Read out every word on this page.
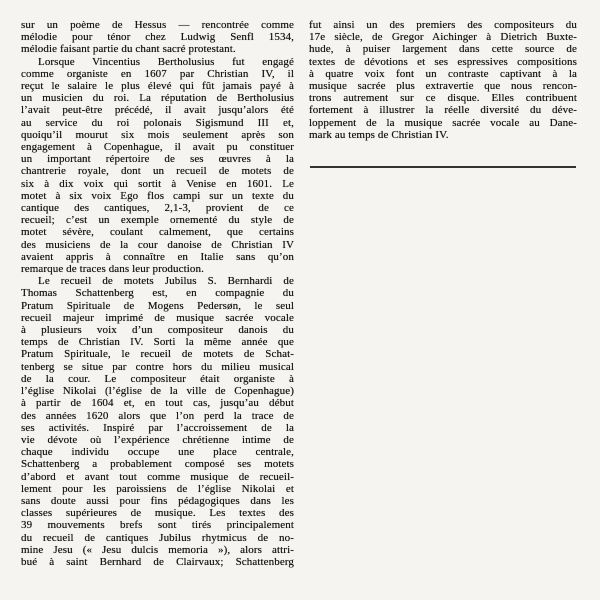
sur un poème de Hessus — rencontrée comme
mélodie pour ténor chez Ludwig Senfl 1534,
mélodie faisant partie du chant sacré protestant.
Lorsque Vincentius Bertholusius fut engagé
comme organiste en 1607 par Christian IV, il
reçut le salaire le plus élevé qui fût jamais payé à
un musicien du roi. La réputation de Bertholusius
l’avait peut-être précédé, il avait jusqu’alors été
au service du roi polonais Sigismund III et,
quoiqu’il mourut six mois seulement après son
engagement à Copenhague, il avait pu constituer
un important répertoire de ses œuvres à la
chantrerie royale, dont un recueil de motets de
six à dix voix qui sortit à Venise en 1601. Le
motet à six voix Ego flos campi sur un texte du
cantique des cantiques, 2,1-3, provient de ce
recueil; c’est un exemple ornementé du style de
motet sévère, coulant calmement, que certains
des musiciens de la cour danoise de Christian IV
avaient appris à connaître en Italie sans qu’on
remarque de traces dans leur production.
Le recueil de motets Jubilus S. Bernhardi de
Thomas Schattenberg est, en compagnie du
Pratum Spirituale de Mogens Pedersøn, le seul
recueil majeur imprimé de musique sacrée vocale
à plusieurs voix d’un compositeur danois du
temps de Christian IV. Sorti la même année que
Pratum Spirituale, le recueil de motets de Schat-
tenberg se situe par contre hors du milieu musical
de la cour. Le compositeur était organiste à
l’église Nikolai (l’église de la ville de Copenhague)
à partir de 1604 et, en tout cas, jusqu’au début
des années 1620 alors que l’on perd la trace de
ses activités. Inspiré par l’accroissement de la
vie dévote où l’expérience chrétienne intime de
chaque individu occupe une place centrale,
Schattenberg a probablement composé ses motets
d’abord et avant tout comme musique de recueil-
lement pour les paroissiens de l’église Nikolai et
sans doute aussi pour fins pédagogiques dans les
classes supérieures de musique. Les textes des
39 mouvements brefs sont tirés principalement
du recueil de cantiques Jubilus rhytmicus de no-
mine Jesu (« Jesu dulcis memoria »), alors attri-
bué à saint Bernhard de Clairvaux; Schattenberg
fut ainsi un des premiers des compositeurs du
17e siècle, de Gregor Aichinger à Dietrich Buxte-
hude, à puiser largement dans cette source de
textes de dévotions et ses espressives compositions
à quatre voix font un contraste captivant à la
musique sacrée plus extravertie que nous rencon-
trons autrement sur ce disque. Elles contribuent
fortement à illustrer la réelle diversité du déve-
loppement de la musique sacrée vocale au Dane-
mark au temps de Christian IV.
